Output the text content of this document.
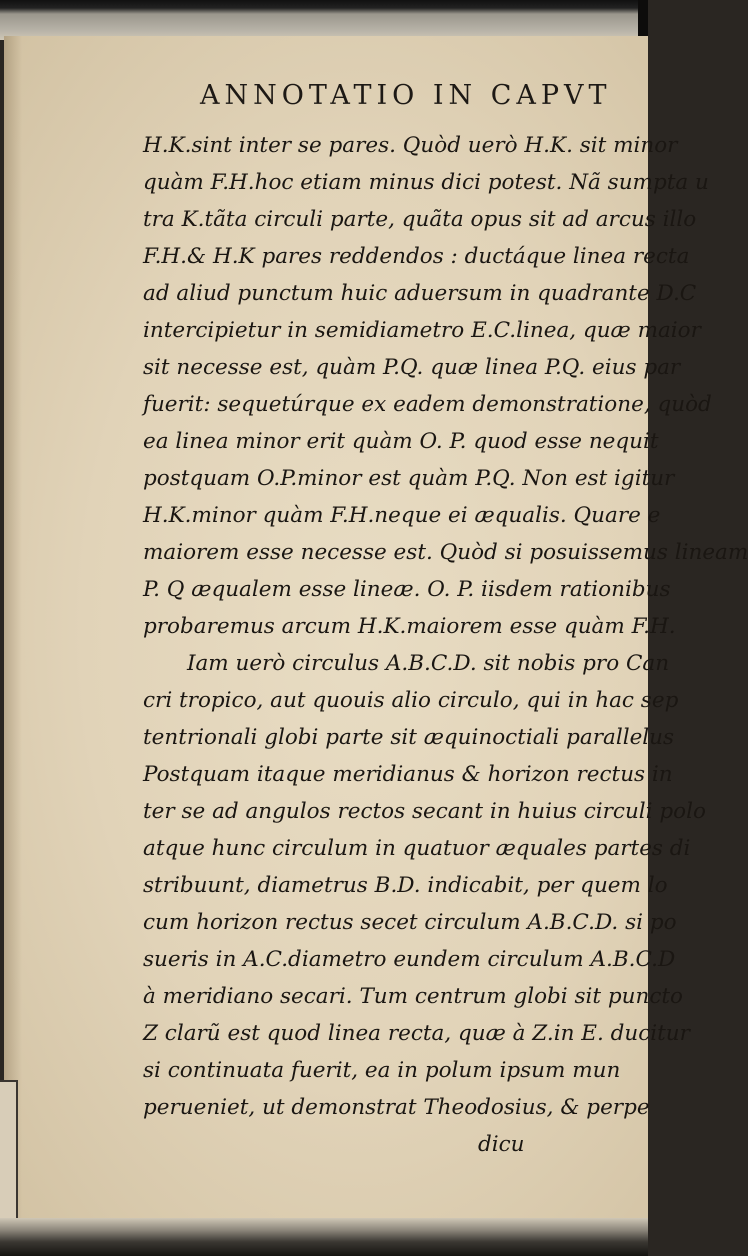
ANNOTATIO IN CAPVT
H.K.sint inter se pares. Quòd uerò H.K. sit minor
quàm F.H.hoc etiam minus dici potest. Nã sumpta u
tra K.tãta circuli parte, quãta opus sit ad arcus illo
F.H.& H.K pares reddendos : ductáque linea recta
ad aliud punctum huic aduersum in quadrante D.C
intercipietur in semidiametro E.C.linea, quæ maior
sit necesse est, quàm P.Q. quæ linea P.Q. eius par
fuerit: sequetúrque ex eadem demonstratione, quòd
ea linea minor erit quàm O. P. quod esse nequit
postquam O.P.minor est quàm P.Q. Non est igitur
H.K.minor quàm F.H.neque ei æqualis. Quare e
maiorem esse necesse est. Quòd si posuissemus lineam
P. Q æqualem esse lineæ. O. P. iisdem rationibus
probaremus arcum H.K.maiorem esse quàm F.H.
Iam uerò circulus A.B.C.D. sit nobis pro Can
cri tropico, aut quouis alio circulo, qui in hac sep
tentrionali globi parte sit æquinoctiali parallelus
Postquam itaque meridianus & horizon rectus in
ter se ad angulos rectos secant in huius circuli polo
atque hunc circulum in quatuor æquales partes di
stribuunt, diametrus B.D. indicabit, per quem lo
cum horizon rectus secet circulum A.B.C.D. si po
sueris in A.C.diametro eundem circulum A.B.C.D
à meridiano secari. Tum centrum globi sit puncto
Z clarũ est quod linea recta, quæ à Z.in E. ducitur
si continuata fuerit, ea in polum ipsum mun
perueniet, ut demonstrat Theodosius, & perpe
dicu
